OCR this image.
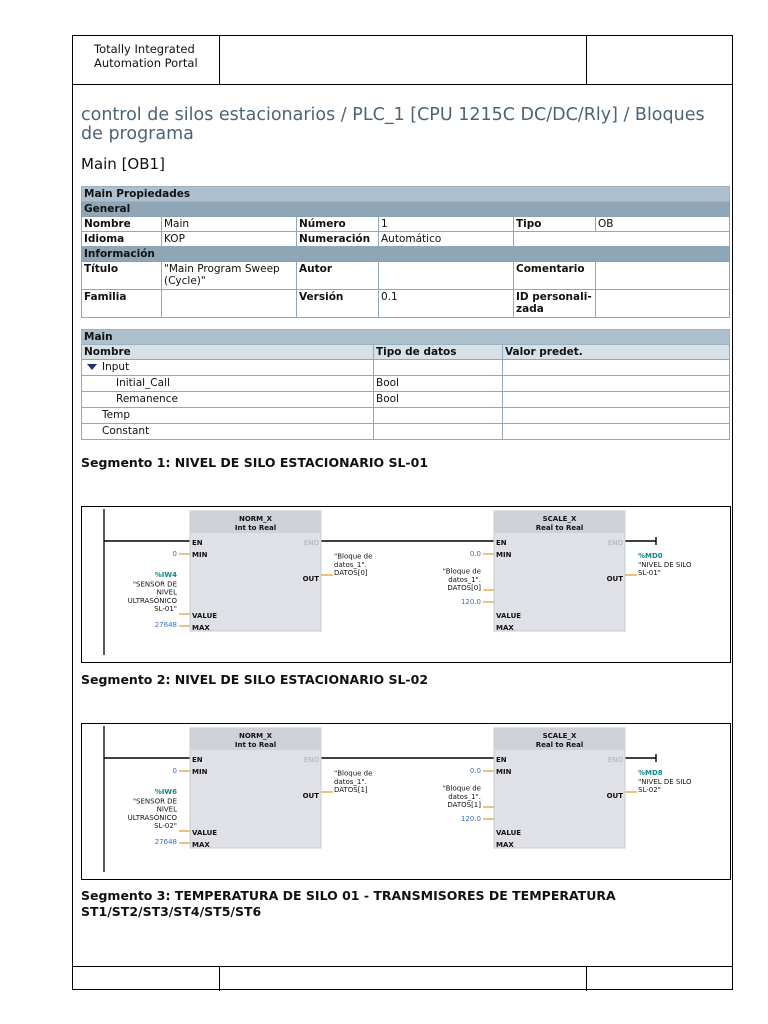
Totally Integrated
Automation Portal
control de silos estacionarios / PLC_1 [CPU 1215C DC/DC/Rly] / Bloques de programa
Main [OB1]
Main Propiedades					
General					
Nombre	Main	Número	1	Tipo	OB
Idioma	KOP	Numeración	Automático		
Información					
Título	"Main Program Sweep (Cycle)"	Autor		Comentario	
Familia		Versión	0.1	ID personali-zada	
Main		
Nombre	Tipo de datos	Valor predet.
Input		
Initial_Call	Bool	
Remanence	Bool	
Temp		
Constant		
Segmento 1: NIVEL DE SILO ESTACIONARIO SL-01
NORM_X
Int to Real
EN	ENO
MIN
OUT
VALUE
MAX
SCALE_X
Real to Real
EN	ENO
MIN
OUT
VALUE
MAX
0
%IW4
"SENSOR DE
NIVEL
ULTRASÓNICO
SL-01"
27648
"Bloque de
datos_1".
DATOS[0]
0.0
"Bloque de
datos_1".
DATOS[0]
120.0
%MD0
"NIVEL DE SILO
SL-01"
Segmento 2: NIVEL DE SILO ESTACIONARIO SL-02
NORM_X
Int to Real
EN	ENO
MIN
OUT
VALUE
MAX
SCALE_X
Real to Real
EN	ENO
MIN
OUT
VALUE
MAX
0
%IW6
"SENSOR DE
NIVEL
ULTRASÓNICO
SL-02"
27648
"Bloque de
datos_1".
DATOS[1]
0.0
"Bloque de
datos_1".
DATOS[1]
120.0
%MD8
"NIVEL DE SILO
SL-02"
Segmento 3: TEMPERATURA DE SILO 01 - TRANSMISORES DE TEMPERATURA ST1/ST2/ST3/ST4/ST5/ST6
